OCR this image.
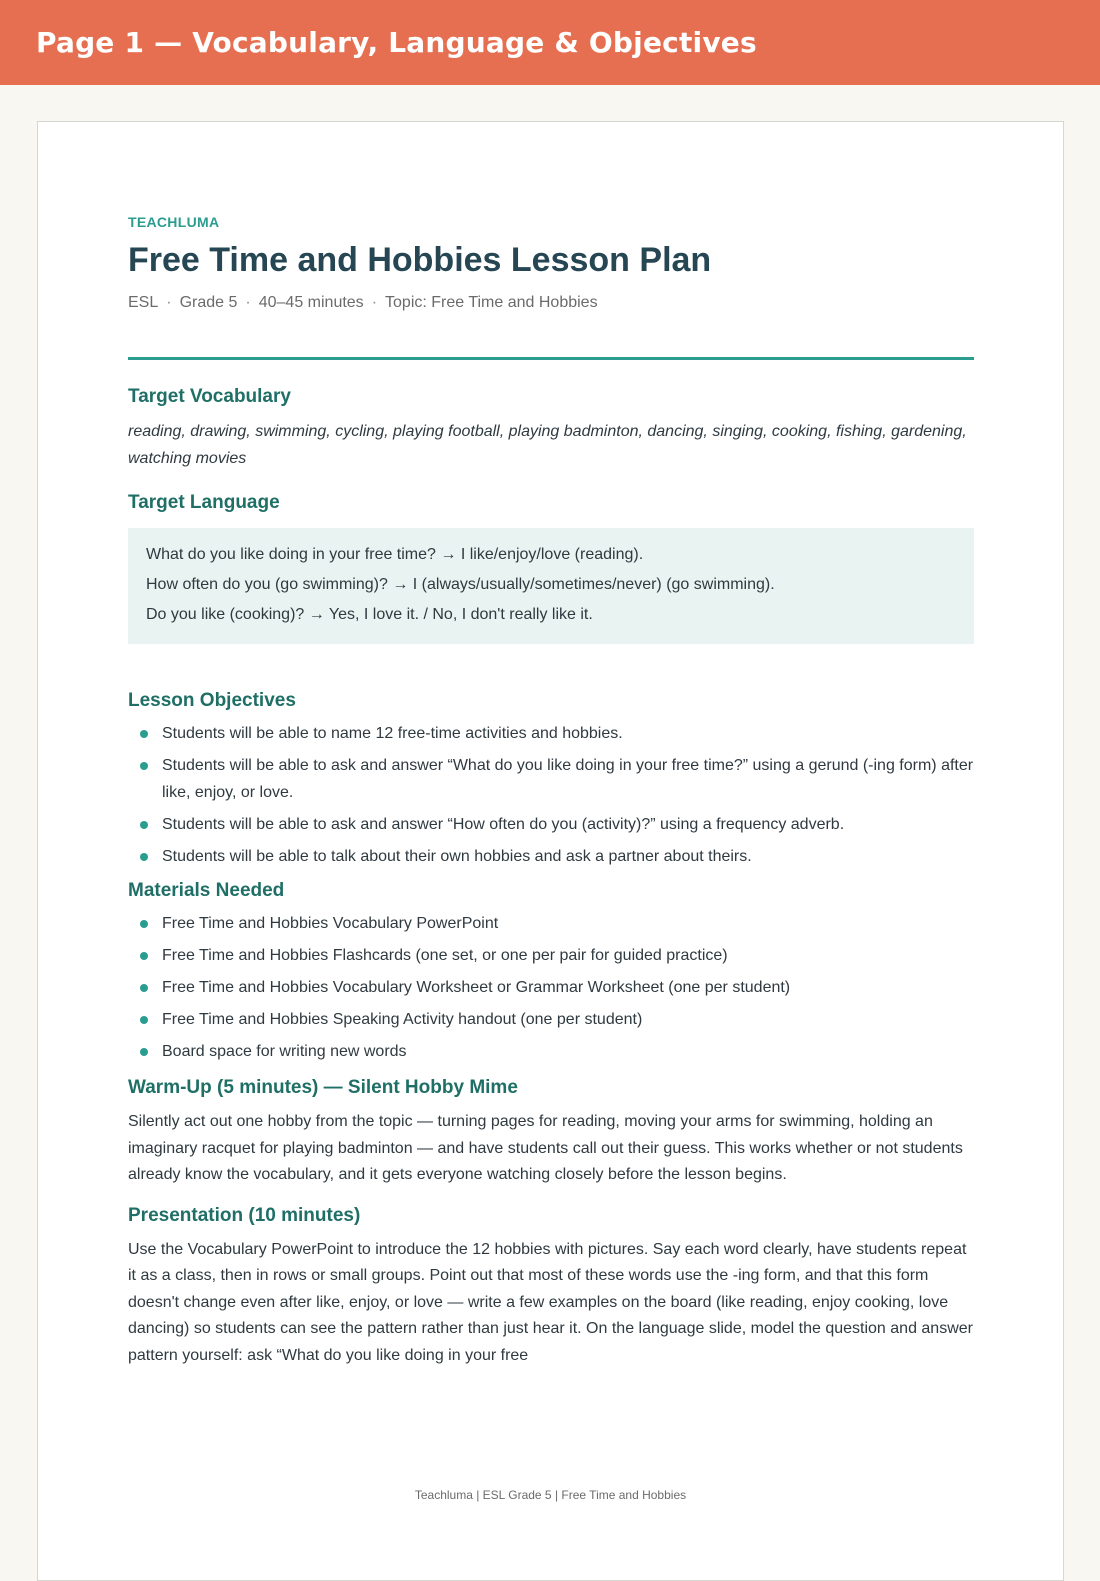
Page 1 — Vocabulary, Language & Objectives
TEACHLUMA
Free Time and Hobbies Lesson Plan
ESL · Grade 5 · 40–45 minutes · Topic: Free Time and Hobbies
Target Vocabulary
reading, drawing, swimming, cycling, playing football, playing badminton, dancing, singing, cooking, fishing, gardening, watching movies
Target Language
What do you like doing in your free time? → I like/enjoy/love (reading).
How often do you (go swimming)? → I (always/usually/sometimes/never) (go swimming).
Do you like (cooking)? → Yes, I love it. / No, I don't really like it.
Lesson Objectives
Students will be able to name 12 free-time activities and hobbies.
Students will be able to ask and answer “What do you like doing in your free time?” using a gerund (-ing form) after like, enjoy, or love.
Students will be able to ask and answer “How often do you (activity)?” using a frequency adverb.
Students will be able to talk about their own hobbies and ask a partner about theirs.
Materials Needed
Free Time and Hobbies Vocabulary PowerPoint
Free Time and Hobbies Flashcards (one set, or one per pair for guided practice)
Free Time and Hobbies Vocabulary Worksheet or Grammar Worksheet (one per student)
Free Time and Hobbies Speaking Activity handout (one per student)
Board space for writing new words
Warm-Up (5 minutes) — Silent Hobby Mime

Silently act out one hobby from the topic — turning pages for reading, moving your arms for swimming, holding an imaginary racquet for playing badminton — and have students call out their guess. This works whether or not students already know the vocabulary, and it gets everyone watching closely before the lesson begins.

Presentation (10 minutes)

Use the Vocabulary PowerPoint to introduce the 12 hobbies with pictures. Say each word clearly, have students repeat it as a class, then in rows or small groups. Point out that most of these words use the -ing form, and that this form doesn't change even after like, enjoy, or love — write a few examples on the board (like reading, enjoy cooking, love dancing) so students can see the pattern rather than just hear it. On the language slide, model the question and answer pattern yourself: ask “What do you like doing in your free

Teachluma | ESL Grade 5 | Free Time and Hobbies
